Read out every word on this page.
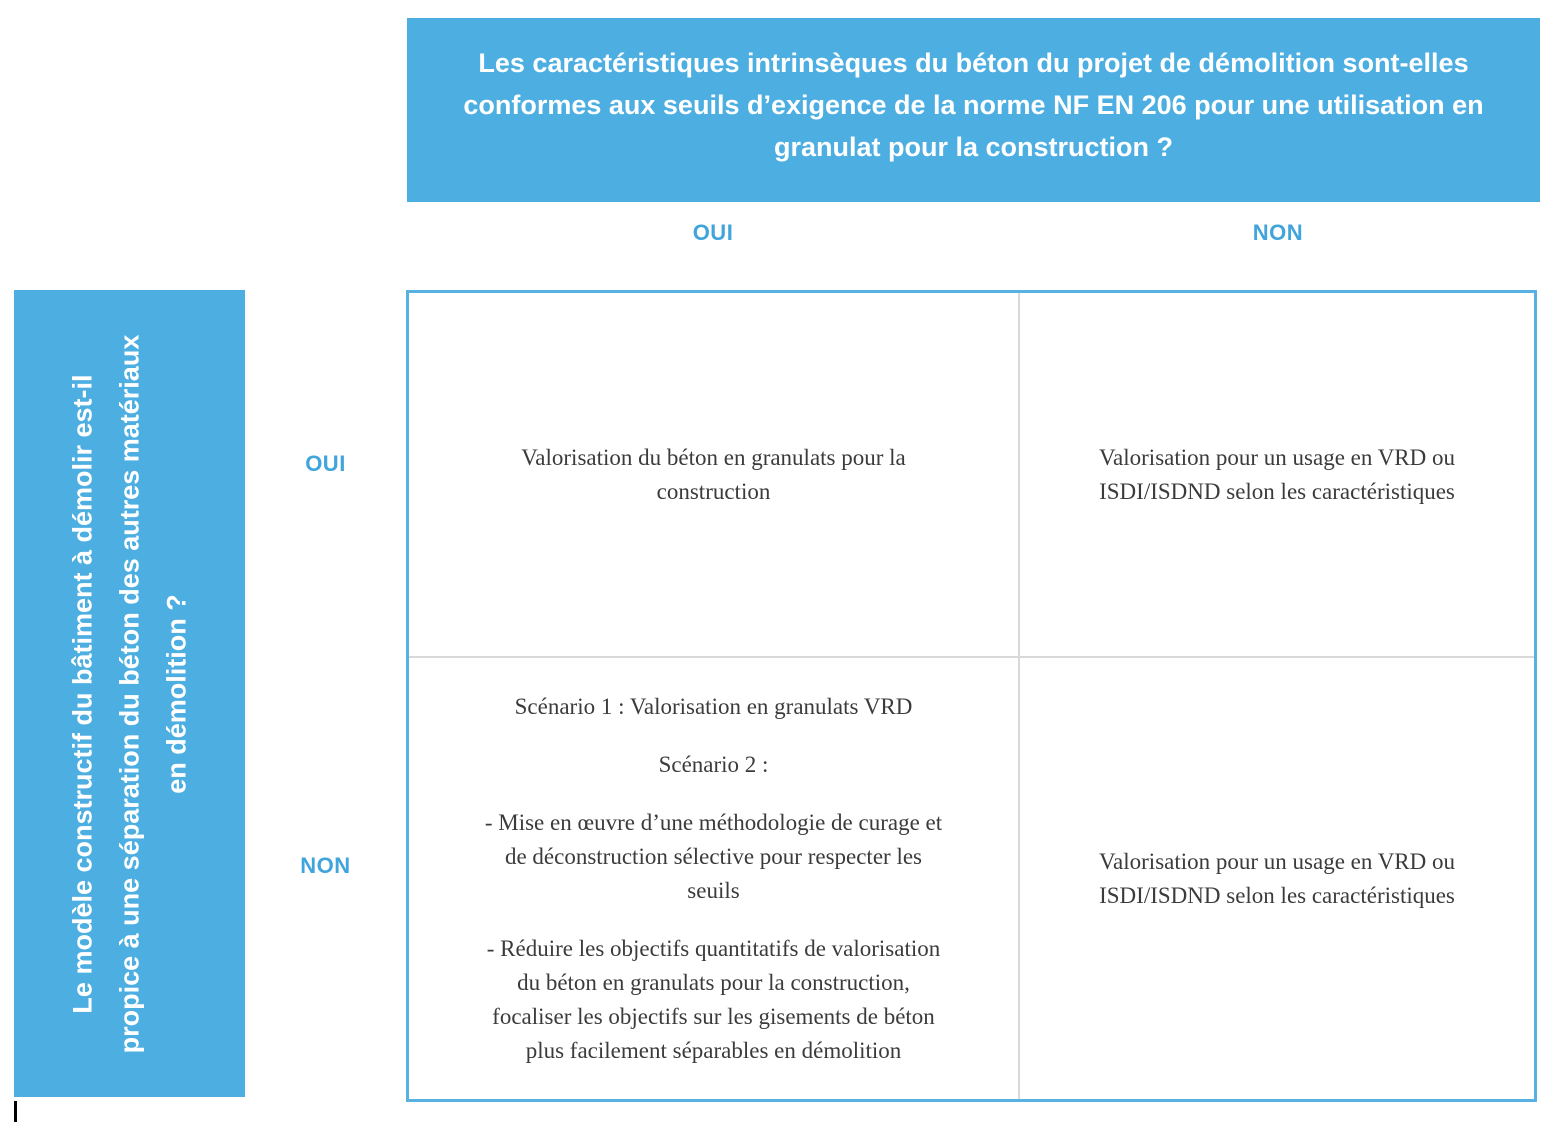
Les caractéristiques intrinsèques du béton du projet de démolition sont-elles
conformes aux seuils d’exigence de la norme NF EN 206 pour une utilisation en
granulat pour la construction ?
OUI	NON
Le modèle constructif du bâtiment à démolir est-il propice à une séparation du béton des autres matériaux en démolition ?
OUI
NON

Valorisation du béton en granulats pour la
construction

Valorisation pour un usage en VRD ou
ISDI/ISDND selon les caractéristiques

Scénario 1 : Valorisation en granulats VRD

Scénario 2 :

- Mise en œuvre d’une méthodologie de curage et
de déconstruction sélective pour respecter les
seuils

- Réduire les objectifs quantitatifs de valorisation
du béton en granulats pour la construction,
focaliser les objectifs sur les gisements de béton
plus facilement séparables en démolition

Valorisation pour un usage en VRD ou
ISDI/ISDND selon les caractéristiques
